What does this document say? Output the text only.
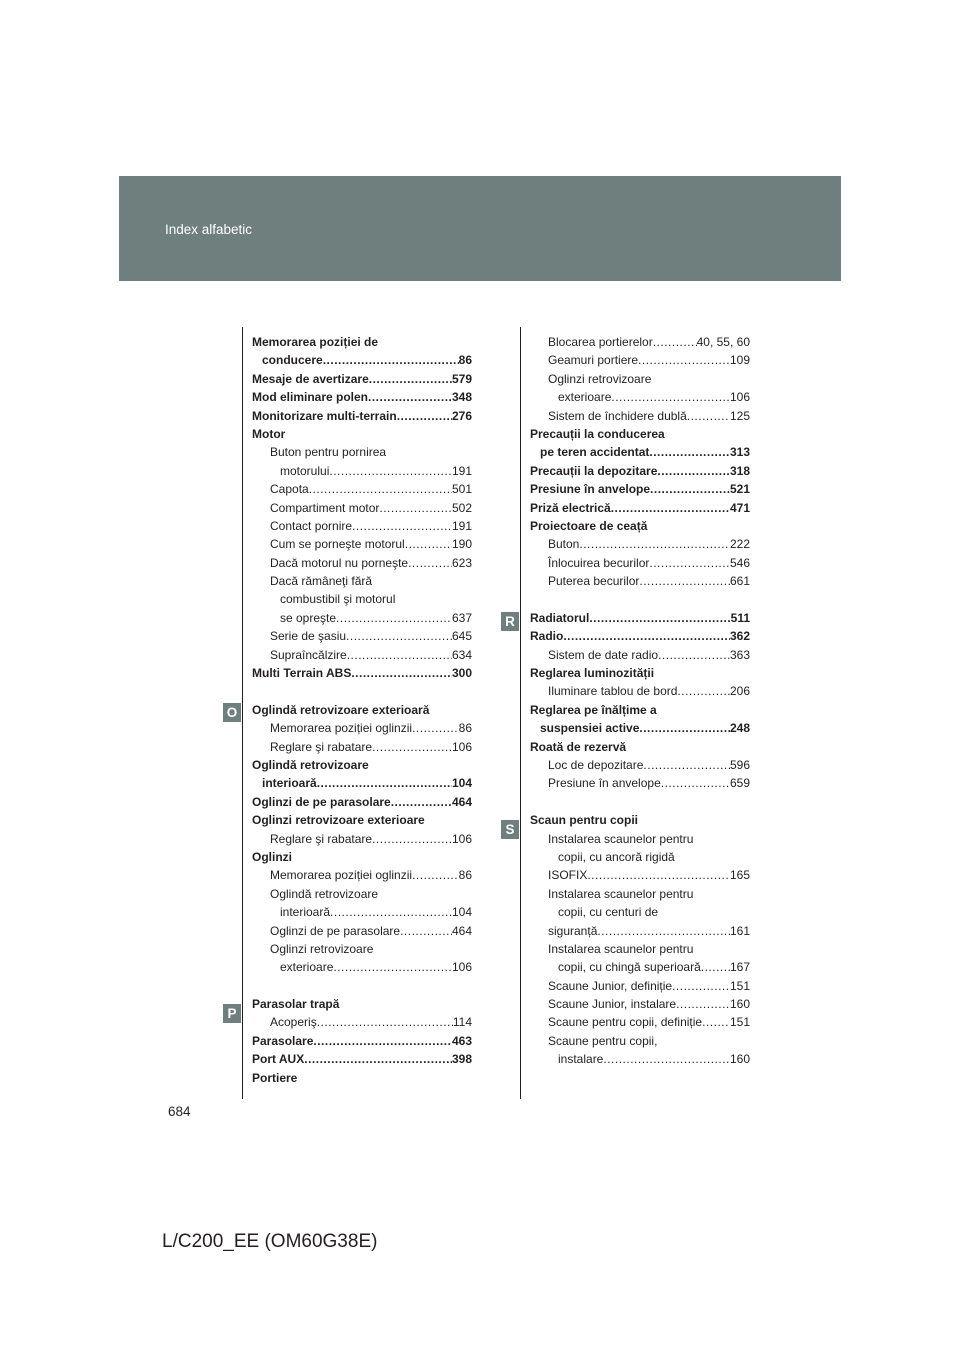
Index alfabetic
Memorarea poziției de
conducere .....	86
Mesaje de avertizare .....	579
Mod eliminare polen .....	348
Monitorizare multi-terrain .....	276
Motor
Buton pentru pornirea
motorului .....	191
Capota .....	501
Compartiment motor .....	502
Contact pornire .....	191
Cum se porneşte motorul .....	190
Dacă motorul nu porneşte .....	623
Dacă rămâneţi fără
combustibil şi motorul
se opreşte .....	637
Serie de şasiu .....	645
Supraîncălzire .....	634
Multi Terrain ABS .....	300
Oglindă retrovizoare exterioară
Memorarea poziției oglinzii .....	86
Reglare şi rabatare .....	106
Oglindă retrovizoare
interioară .....	104
Oglinzi de pe parasolare .....	464
Oglinzi retrovizoare exterioare
Reglare şi rabatare .....	106
Oglinzi
Memorarea poziției oglinzii .....	86
Oglindă retrovizoare
interioară .....	104
Oglinzi de pe parasolare .....	464
Oglinzi retrovizoare
exterioare .....	106
Parasolar trapă
Acoperiş .....	114
Parasolare .....	463
Port AUX .....	398
Portiere
Blocarea portierelor .....	40, 55, 60
Geamuri portiere .....	109
Oglinzi retrovizoare
exterioare .....	106
Sistem de închidere dublă .....	125
Precauții la conducerea
pe teren accidentat .....	313
Precauții la depozitare .....	318
Presiune în anvelope .....	521
Priză electrică .....	471
Proiectoare de ceață
Buton .....	222
Înlocuirea becurilor .....	546
Puterea becurilor .....	661
Radiatorul .....	511
Radio .....	362
Sistem de date radio .....	363
Reglarea luminozității
Iluminare tablou de bord .....	206
Reglarea pe înălțime a
suspensiei active .....	248
Roată de rezervă
Loc de depozitare .....	596
Presiune în anvelope .....	659
Scaun pentru copii
Instalarea scaunelor pentru
copii, cu ancoră rigidă
ISOFIX .....	165
Instalarea scaunelor pentru
copii, cu centuri de
siguranță .....	161
Instalarea scaunelor pentru
copii, cu chingă superioară ..... 167
Scaune Junior, definiție .....	151
Scaune Junior, instalare .....	160
Scaune pentru copii, definiție ..... 151
Scaune pentru copii,
instalare .....	160
O
P
R
S
684
L/C200_EE (OM60G38E)
